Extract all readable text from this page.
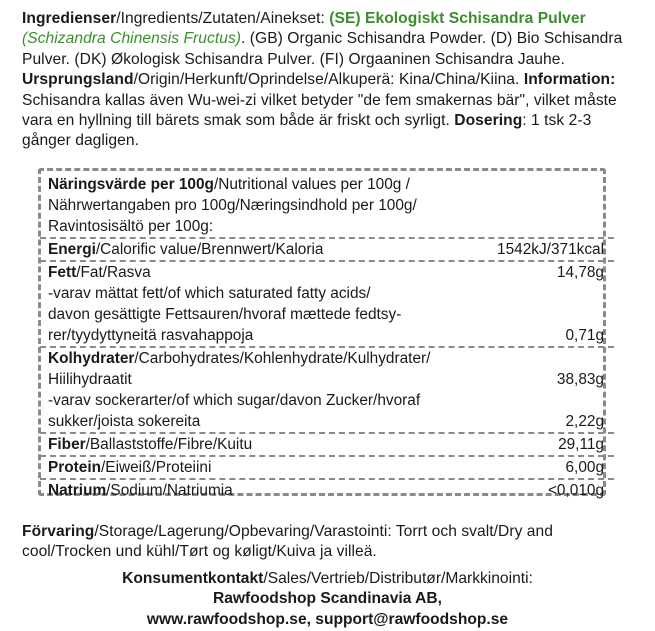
Ingredienser/Ingredients/Zutaten/Ainekset: (SE) Ekologiskt Schisandra Pulver (Schizandra Chinensis Fructus). (GB) Organic Schisandra Powder. (D) Bio Schisandra Pulver. (DK) Økologisk Schisandra Pulver. (FI) Orgaaninen Schisandra Jauhe. Ursprungsland/Origin/Herkunft/Oprindelse/Alkuperä: Kina/China/Kiina. Information: Schisandra kallas även Wu-wei-zi vilket betyder "de fem smakernas bär", vilket måste vara en hyllning till bärets smak som både är friskt och syrligt. Dosering: 1 tsk 2-3 gånger dagligen.
Näringsvärde per 100g/Nutritional values per 100g /
Nährwertangaben pro 100g/Næringsindhold per 100g/
Ravintosisältö per 100g:
Energi/Calorific value/Brennwert/Kaloria	1542kJ/371kcal
Fett/Fat/Rasva	14,78g
-varav mättat fett/of which saturated fatty acids/
davon gesättigte Fettsauren/hvoraf mættede fedtsy-
rer/tyydyttyneitä rasvahappoja	0,71g
Kolhydrater/Carbohydrates/Kohlenhydrate/Kulhydrater/
Hiilihydraatit	38,83g
-varav sockerarter/of which sugar/davon Zucker/hvoraf
sukker/joista sokereita	2,22g
Fiber/Ballaststoffe/Fibre/Kuitu	29,11g
Protein/Eiweiß/Proteiini	6,00g
Natrium/Sodium/Natriumia	<0,010g
Förvaring/Storage/Lagerung/Opbevaring/Varastointi: Torrt och svalt/Dry and cool/Trocken und kühl/Tørt og køligt/Kuiva ja villeä.
Konsumentkontakt/Sales/Vertrieb/Distributør/Markkinointi:
Rawfoodshop Scandinavia AB,
www.rawfoodshop.se, support@rawfoodshop.se
